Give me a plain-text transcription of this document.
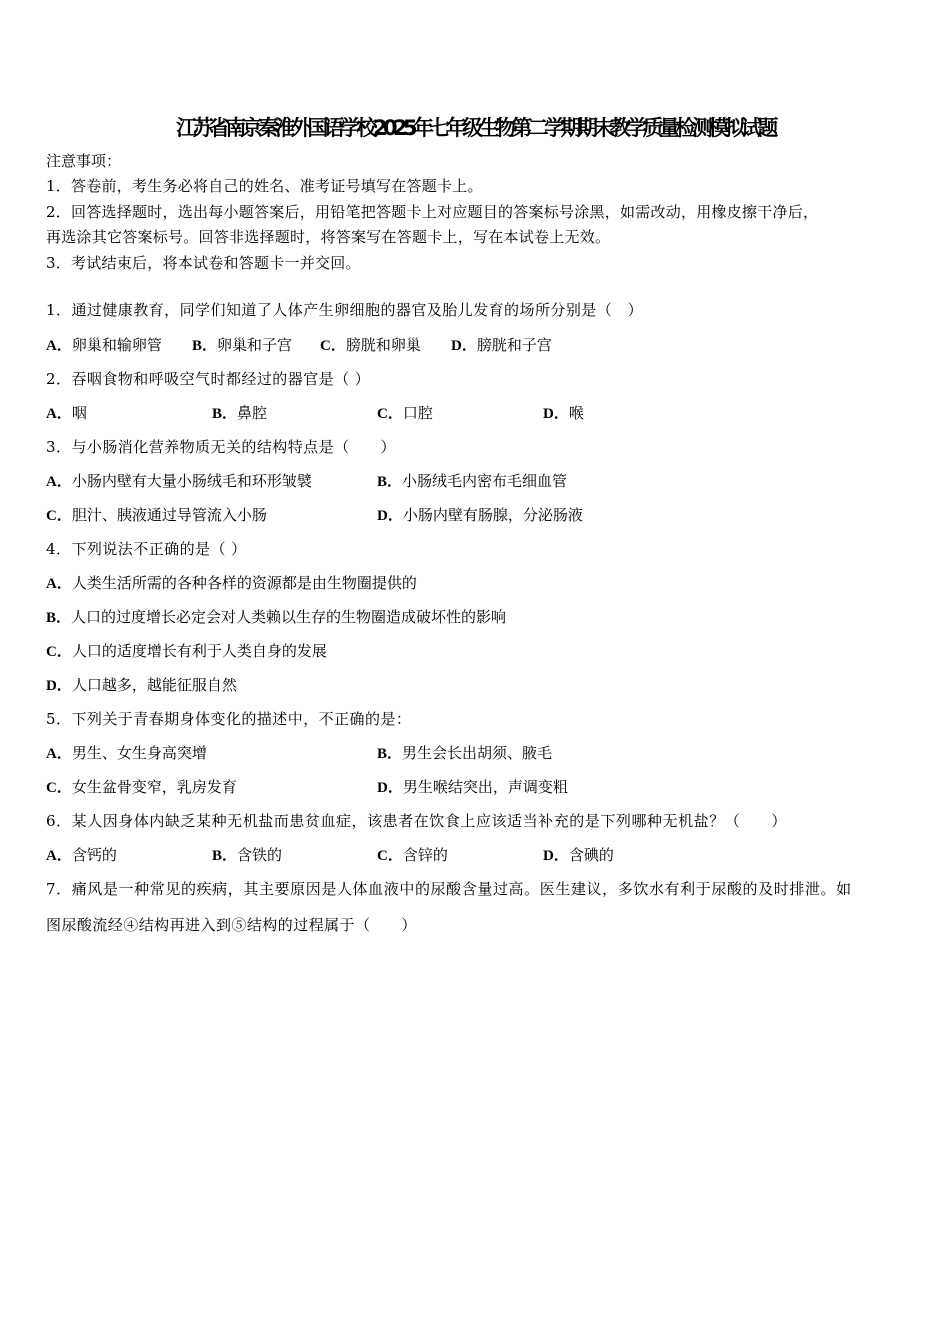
江苏省南京秦淮外国语学校2025年七年级生物第二学期期末教学质量检测模拟试题
注意事项：
1．答卷前，考生务必将自己的姓名、准考证号填写在答题卡上。
2．回答选择题时，选出每小题答案后，用铅笔把答题卡上对应题目的答案标号涂黑，如需改动，用橡皮擦干净后，
再选涂其它答案标号。回答非选择题时，将答案写在答题卡上，写在本试卷上无效。
3．考试结束后，将本试卷和答题卡一并交回。
1．通过健康教育，同学们知道了人体产生卵细胞的器官及胎儿发育的场所分别是（　）
A．卵巢和输卵管 B．卵巢和子宫 C．膀胱和卵巢 D．膀胱和子宫
2．吞咽食物和呼吸空气时都经过的器官是（ ）
A．咽	B．鼻腔	C．口腔	D．喉
3．与小肠消化营养物质无关的结构特点是（　　）
A．小肠内壁有大量小肠绒毛和环形皱襞	B．小肠绒毛内密布毛细血管
C．胆汁、胰液通过导管流入小肠	D．小肠内壁有肠腺，分泌肠液
4．下列说法不正确的是（ ）
A．人类生活所需的各种各样的资源都是由生物圈提供的
B．人口的过度增长必定会对人类赖以生存的生物圈造成破坏性的影响
C．人口的适度增长有利于人类自身的发展
D．人口越多，越能征服自然
5．下列关于青春期身体变化的描述中，不正确的是：
A．男生、女生身高突增	B．男生会长出胡须、腋毛
C．女生盆骨变窄，乳房发育	D．男生喉结突出，声调变粗
6．某人因身体内缺乏某种无机盐而患贫血症，该患者在饮食上应该适当补充的是下列哪种无机盐？（　　）
A．含钙的	B．含铁的	C．含锌的	D．含碘的
7．痛风是一种常见的疾病，其主要原因是人体血液中的尿酸含量过高。医生建议，多饮水有利于尿酸的及时排泄。如
图尿酸流经④结构再进入到⑤结构的过程属于（　　）
